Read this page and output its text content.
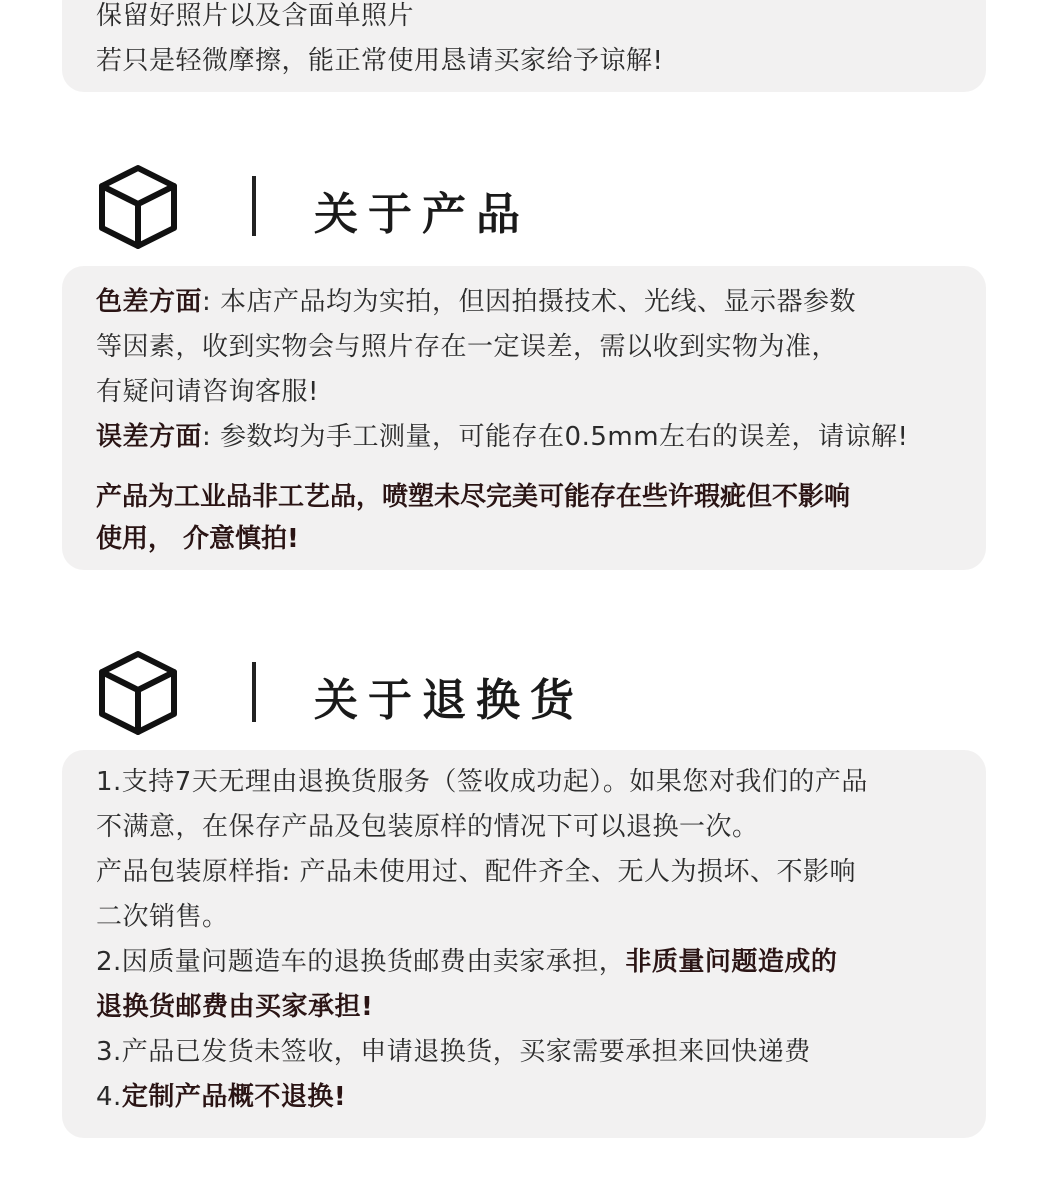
保留好照片以及含面单照片
若只是轻微摩擦，能正常使用恳请买家给予谅解!
关于产品
色差方面: 本店产品均为实拍，但因拍摄技术、光线、显示器参数
等因素，收到实物会与照片存在一定误差，需以收到实物为准，
有疑问请咨询客服!
误差方面: 参数均为手工测量，可能存在0.5mm左右的误差，请谅解!
产品为工业品非工艺品，喷塑未尽完美可能存在些许瑕疵但不影响
使用， 介意慎拍!
关于退换货
1.支持7天无理由退换货服务（签收成功起）。如果您对我们的产品
不满意，在保存产品及包装原样的情况下可以退换一次。
产品包装原样指: 产品未使用过、配件齐全、无人为损坏、不影响
二次销售。
2.因质量问题造车的退换货邮费由卖家承担，非质量问题造成的
退换货邮费由买家承担!
3.产品已发货未签收，申请退换货，买家需要承担来回快递费
4.定制产品概不退换!
